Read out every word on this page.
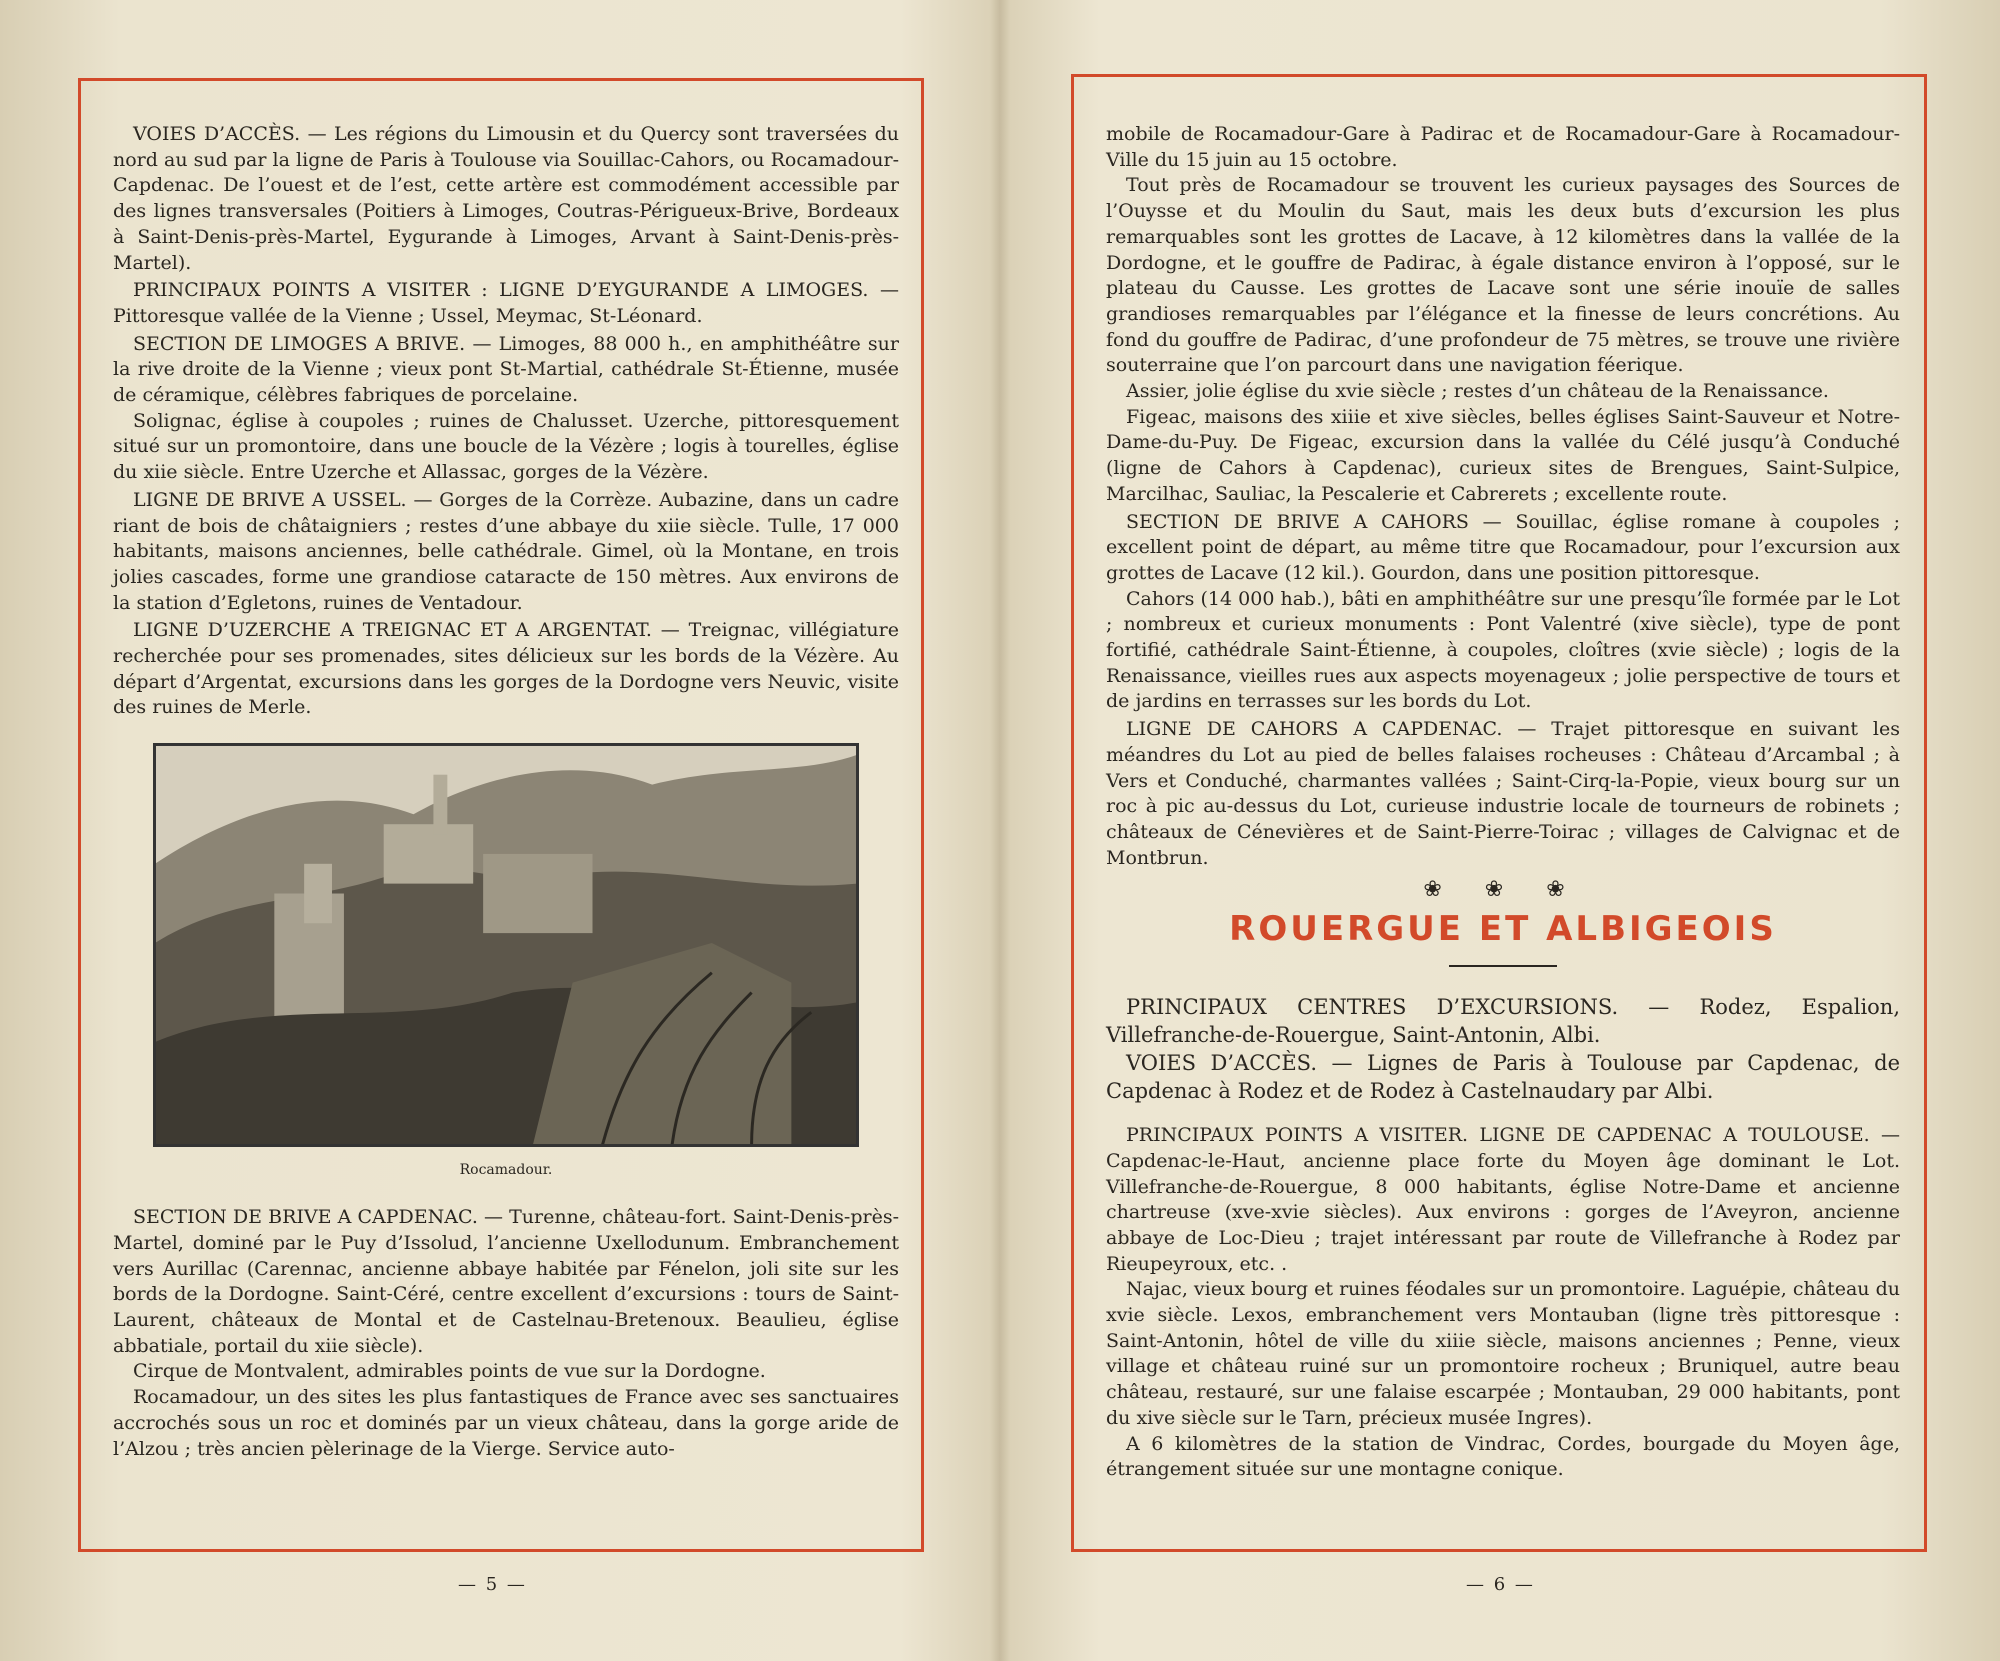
VOIES D’ACCÈS. — Les régions du Limousin et du Quercy sont traversées du nord au sud par la ligne de Paris à Toulouse via Souillac-Cahors, ou Rocamadour-Capdenac. De l’ouest et de l’est, cette artère est commodément accessible par des lignes transversales (Poitiers à Limoges, Coutras-Périgueux-Brive, Bordeaux à Saint-Denis-près-Martel, Eygurande à Limoges, Arvant à Saint-Denis-près-Martel).

PRINCIPAUX POINTS A VISITER : LIGNE D’EYGURANDE A LIMOGES. — Pittoresque vallée de la Vienne ; Ussel, Meymac, St-Léonard.

SECTION DE LIMOGES A BRIVE. — Limoges, 88 000 h., en amphithéâtre sur la rive droite de la Vienne ; vieux pont St-Martial, cathédrale St-Étienne, musée de céramique, célèbres fabriques de porcelaine.

Solignac, église à coupoles ; ruines de Chalusset. Uzerche, pittoresquement situé sur un promontoire, dans une boucle de la Vézère ; logis à tourelles, église du xiie siècle. Entre Uzerche et Allassac, gorges de la Vézère.

LIGNE DE BRIVE A USSEL. — Gorges de la Corrèze. Aubazine, dans un cadre riant de bois de châtaigniers ; restes d’une abbaye du xiie siècle. Tulle, 17 000 habitants, maisons anciennes, belle cathédrale. Gimel, où la Montane, en trois jolies cascades, forme une grandiose cataracte de 150 mètres. Aux environs de la station d’Egletons, ruines de Ventadour.

LIGNE D’UZERCHE A TREIGNAC ET A ARGENTAT. — Treignac, villégiature recherchée pour ses promenades, sites délicieux sur les bords de la Vézère. Au départ d’Argentat, excursions dans les gorges de la Dordogne vers Neuvic, visite des ruines de Merle.

Rocamadour.

SECTION DE BRIVE A CAPDENAC. — Turenne, château-fort. Saint-Denis-près-Martel, dominé par le Puy d’Issolud, l’ancienne Uxellodunum. Embranchement vers Aurillac (Carennac, ancienne abbaye habitée par Fénelon, joli site sur les bords de la Dordogne. Saint-Céré, centre excellent d’excursions : tours de Saint-Laurent, châteaux de Montal et de Castelnau-Bretenoux. Beaulieu, église abbatiale, portail du xiie siècle).

Cirque de Montvalent, admirables points de vue sur la Dordogne.

Rocamadour, un des sites les plus fantastiques de France avec ses sanctuaires accrochés sous un roc et dominés par un vieux château, dans la gorge aride de l’Alzou ; très ancien pèlerinage de la Vierge. Service auto-

— 5 —

mobile de Rocamadour-Gare à Padirac et de Rocamadour-Gare à Rocamadour-Ville du 15 juin au 15 octobre.

Tout près de Rocamadour se trouvent les curieux paysages des Sources de l’Ouysse et du Moulin du Saut, mais les deux buts d’excursion les plus remarquables sont les grottes de Lacave, à 12 kilomètres dans la vallée de la Dordogne, et le gouffre de Padirac, à égale distance environ à l’opposé, sur le plateau du Causse. Les grottes de Lacave sont une série inouïe de salles grandioses remarquables par l’élégance et la finesse de leurs concrétions. Au fond du gouffre de Padirac, d’une profondeur de 75 mètres, se trouve une rivière souterraine que l’on parcourt dans une navigation féerique.

Assier, jolie église du xvie siècle ; restes d’un château de la Renaissance.

Figeac, maisons des xiiie et xive siècles, belles églises Saint-Sauveur et Notre-Dame-du-Puy. De Figeac, excursion dans la vallée du Célé jusqu’à Conduché (ligne de Cahors à Capdenac), curieux sites de Brengues, Saint-Sulpice, Marcilhac, Sauliac, la Pescalerie et Cabrerets ; excellente route.

SECTION DE BRIVE A CAHORS — Souillac, église romane à coupoles ; excellent point de départ, au même titre que Rocamadour, pour l’excursion aux grottes de Lacave (12 kil.). Gourdon, dans une position pittoresque.

Cahors (14 000 hab.), bâti en amphithéâtre sur une presqu’île formée par le Lot ; nombreux et curieux monuments : Pont Valentré (xive siècle), type de pont fortifié, cathédrale Saint-Étienne, à coupoles, cloîtres (xvie siècle) ; logis de la Renaissance, vieilles rues aux aspects moyenageux ; jolie perspective de tours et de jardins en terrasses sur les bords du Lot.

LIGNE DE CAHORS A CAPDENAC. — Trajet pittoresque en suivant les méandres du Lot au pied de belles falaises rocheuses : Château d’Arcambal ; à Vers et Conduché, charmantes vallées ; Saint-Cirq-la-Popie, vieux bourg sur un roc à pic au-dessus du Lot, curieuse industrie locale de tourneurs de robinets ; châteaux de Cénevières et de Saint-Pierre-Toirac ; villages de Calvignac et de Montbrun.

❀ ❀ ❀
ROUERGUE ET ALBIGEOIS

PRINCIPAUX CENTRES D’EXCURSIONS. — Rodez, Espalion, Villefranche-de-Rouergue, Saint-Antonin, Albi.

VOIES D’ACCÈS. — Lignes de Paris à Toulouse par Capdenac, de Capdenac à Rodez et de Rodez à Castelnaudary par Albi.

PRINCIPAUX POINTS A VISITER. LIGNE DE CAPDENAC A TOULOUSE. — Capdenac-le-Haut, ancienne place forte du Moyen âge dominant le Lot. Villefranche-de-Rouergue, 8 000 habitants, église Notre-Dame et ancienne chartreuse (xve-xvie siècles). Aux environs : gorges de l’Aveyron, ancienne abbaye de Loc-Dieu ; trajet intéressant par route de Villefranche à Rodez par Rieupeyroux, etc. .

Najac, vieux bourg et ruines féodales sur un promontoire. Laguépie, château du xvie siècle. Lexos, embranchement vers Montauban (ligne très pittoresque : Saint-Antonin, hôtel de ville du xiiie siècle, maisons anciennes ; Penne, vieux village et château ruiné sur un promontoire rocheux ; Bruniquel, autre beau château, restauré, sur une falaise escarpée ; Montauban, 29 000 habitants, pont du xive siècle sur le Tarn, précieux musée Ingres).

A 6 kilomètres de la station de Vindrac, Cordes, bourgade du Moyen âge, étrangement située sur une montagne conique.

— 6 —
